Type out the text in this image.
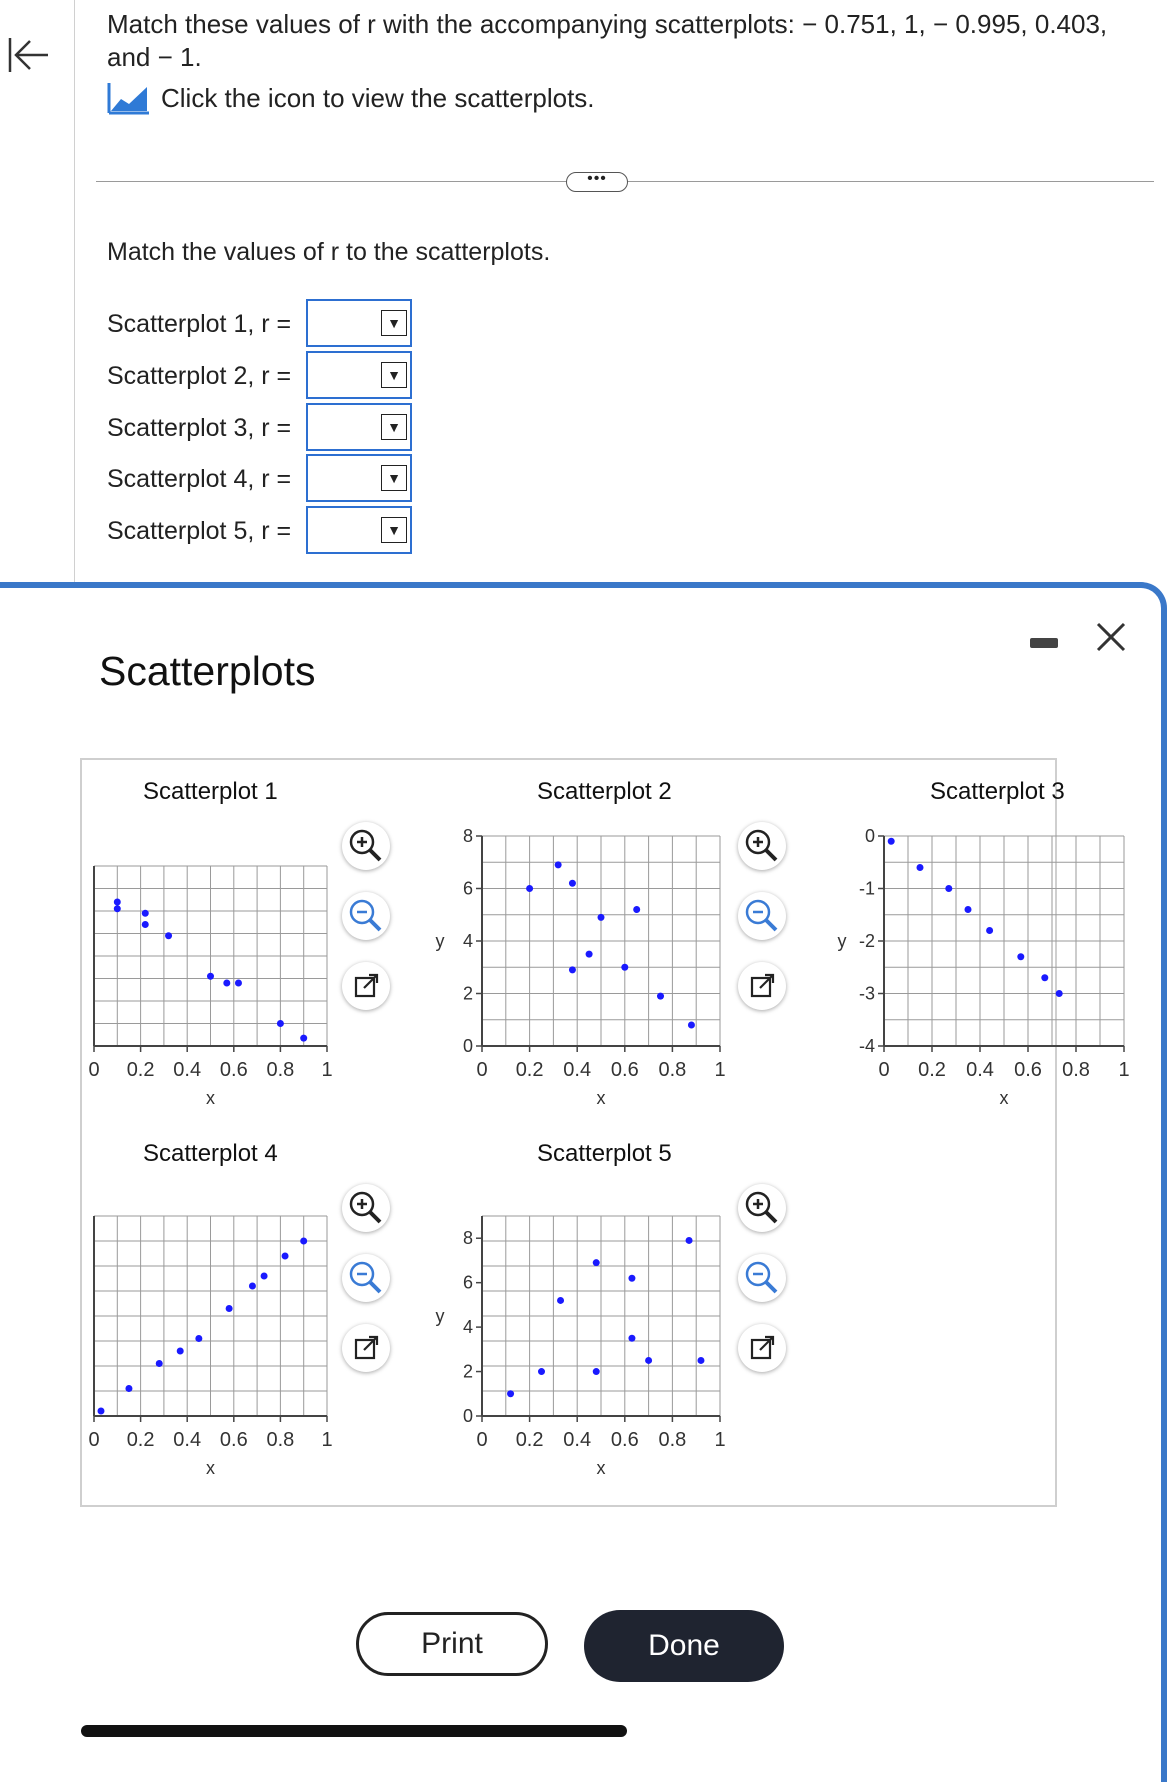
Match these values of r with the accompanying scatterplots: − 0.751, 1, − 0.995, 0.403,
and − 1.
Click the icon to view the scatterplots.
•••
Match the values of r to the scatterplots.
Scatterplot 1, r =
Scatterplot 2, r =
Scatterplot 3, r =
Scatterplot 4, r =
Scatterplot 5, r =
▼
▼
▼
▼
▼
Scatterplots
Scatterplot 1	Scatterplot 2	Scatterplot 3
Scatterplot 4	Scatterplot 5
0 0.2 0.4 0.6 0.8 1
x
0 0.2 0.4 0.6 0.8 1
0
2
4
6
8
y
x
0 0.2 0.4 0.6 0.8 1
0
-1
-2
-3
-4
y
x
0 0.2 0.4 0.6 0.8 1
x
0 0.2 0.4 0.6 0.8 1
0
2
4
6
8
y
x
Print	Done
